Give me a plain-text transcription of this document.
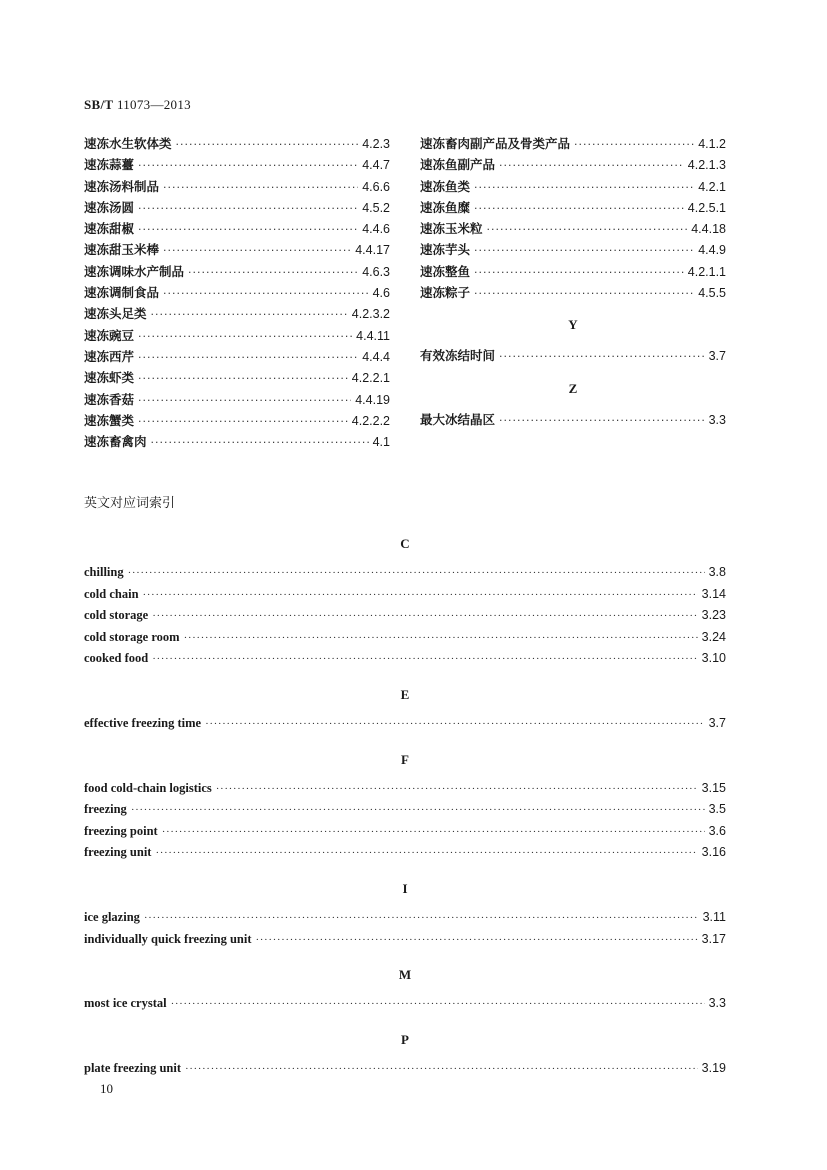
SB/T 11073—2013
速冻水生软体类 ·····	4.2.3
速冻蒜薹 ·····	4.4.7
速冻汤料制品 ·····	4.6.6
速冻汤圆 ·····	4.5.2
速冻甜椒 ·····	4.4.6
速冻甜玉米棒 ·····	4.4.17
速冻调味水产制品 ·····	4.6.3
速冻调制食品 ·····	4.6
速冻头足类 ·····	4.2.3.2
速冻豌豆 ·····	4.4.11
速冻西芹 ·····	4.4.4
速冻虾类 ·····	4.2.2.1
速冻香菇 ·····	4.4.19
速冻蟹类 ·····	4.2.2.2
速冻畜禽肉 ·····	4.1
速冻畜肉副产品及骨类产品 ·····	4.1.2
速冻鱼副产品 ·····	4.2.1.3
速冻鱼类 ·····	4.2.1
速冻鱼糜 ·····	4.2.5.1
速冻玉米粒 ·····	4.4.18
速冻芋头 ·····	4.4.9
速冻整鱼 ·····	4.2.1.1
速冻粽子 ·····	4.5.5
Y
有效冻结时间 ·····	3.7
Z
最大冰结晶区 ·····	3.3
英文对应词索引
C
chilling ·····	3.8
cold chain ·····	3.14
cold storage ·····	3.23
cold storage room ·····	3.24
cooked food ·····	3.10
E
effective freezing time ·····	3.7
F
food cold-chain logistics ·····	3.15
freezing ·····	3.5
freezing point ·····	3.6
freezing unit ·····	3.16
I
ice glazing ·····	3.11
individually quick freezing unit ·····	3.17
M
most ice crystal ·····	3.3
P
plate freezing unit ·····	3.19
10
